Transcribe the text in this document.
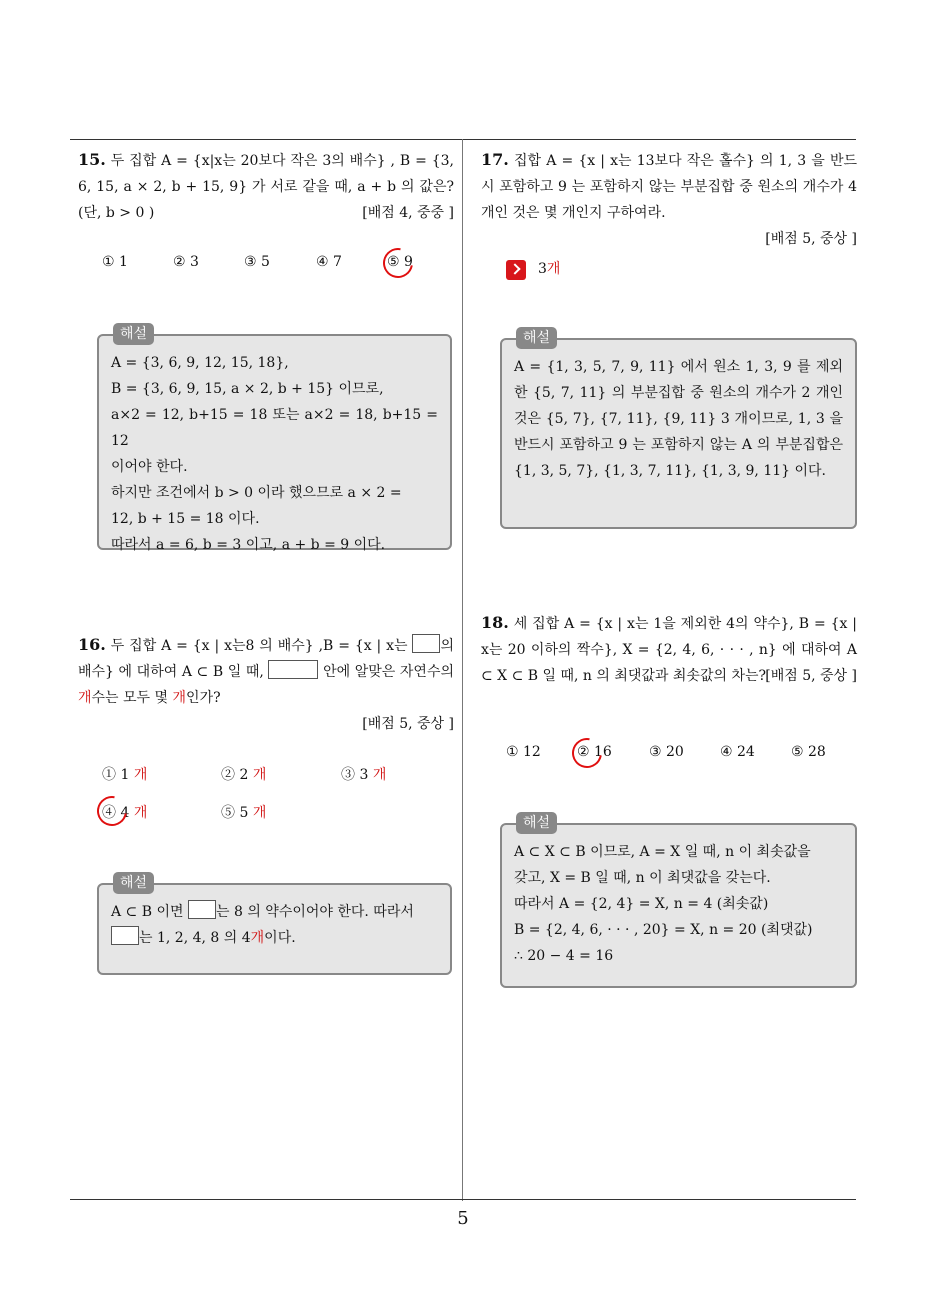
5
15. 두 집합 A = {x|x는 20보다 작은 3의 배수} , B = {3, 6, 15, a × 2, b + 15, 9} 가 서로 같을 때, a + b 의 값은? (단, b > 0 )	[배점 4, 중중 ]
① 1	② 3	③ 5	④ 7	⑤ 9
해설
A = {3, 6, 9, 12, 15, 18},
B = {3, 6, 9, 15, a × 2, b + 15} 이므로,
a×2 = 12, b+15 = 18 또는 a×2 = 18, b+15 = 12
이어야 한다.
하지만 조건에서 b > 0 이라 했으므로 a × 2 =
12, b + 15 = 18 이다.
따라서 a = 6, b = 3 이고, a + b = 9 이다.
16. 두 집합 A = {x | x는8 의 배수} ,B = {x | x는 의 배수} 에 대하여 A ⊂ B 일 때,	안에 알맞은 자연수의개수는 모두 몇 개인가?
[배점 5, 중상 ]
① 1 개	② 2 개	③ 3 개
④ 4 개	⑤ 5 개
해설
A ⊂ B 이면 는 8 의 약수이어야 한다. 따라서
는 1, 2, 4, 8 의 4개이다.
17. 집합 A = {x | x는 13보다 작은 홀수} 의 1, 3 을 반드시 포함하고 9 는 포함하지 않는 부분집합 중 원소의 개수가 4 개인 것은 몇 개인지 구하여라.
[배점 5, 중상 ]
3개
해설
A = {1, 3, 5, 7, 9, 11} 에서 원소 1, 3, 9 를 제외한 {5, 7, 11} 의 부분집합 중 원소의 개수가 2 개인 것은 {5, 7}, {7, 11}, {9, 11} 3 개이므로, 1, 3 을 반드시 포함하고 9 는 포함하지 않는 A 의 부분집합은 {1, 3, 5, 7}, {1, 3, 7, 11}, {1, 3, 9, 11} 이다.
18. 세 집합 A = {x | x는 1을 제외한 4의 약수}, B = {x | x는 20 이하의 짝수}, X = {2, 4, 6, · · · , n} 에 대하여 A ⊂ X ⊂ B 일 때, n 의 최댓값과 최솟값의 차는? [배점 5, 중상 ]
① 12	② 16	③ 20	④ 24	⑤ 28
해설
A ⊂ X ⊂ B 이므로, A = X 일 때, n 이 최솟값을
갖고, X = B 일 때, n 이 최댓값을 갖는다.
따라서 A = {2, 4} = X, n = 4 (최솟값)
B = {2, 4, 6, · · · , 20} = X, n = 20 (최댓값)
∴ 20 − 4 = 16
